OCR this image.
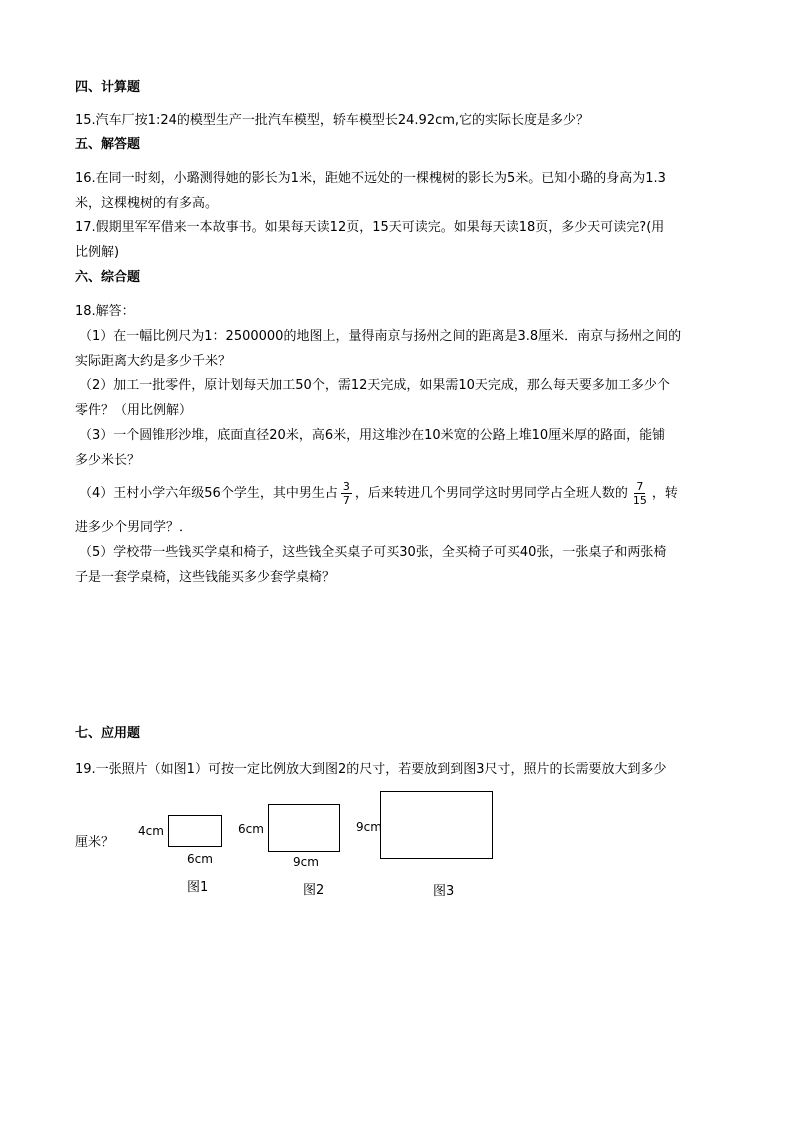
四、计算题
15.汽车厂按1:24的模型生产一批汽车模型，轿车模型长24.92cm,它的实际长度是多少？
五、解答题
16.在同一时刻，小璐测得她的影长为1米，距她不远处的一棵槐树的影长为5米。已知小璐的身高为1.3
米，这棵槐树的有多高。
17.假期里军军借来一本故事书。如果每天读12页，15天可读完。如果每天读18页，多少天可读完?(用
比例解)
六、综合题
18.解答：
（1）在一幅比例尺为1：2500000的地图上，量得南京与扬州之间的距离是3.8厘米．南京与扬州之间的
实际距离大约是多少千米？
（2）加工一批零件，原计划每天加工50个，需12天完成，如果需10天完成，那么每天要多加工多少个
零件？（用比例解）
（3）一个圆锥形沙堆，底面直径20米，高6米，用这堆沙在10米宽的公路上堆10厘米厚的路面，能铺
多少米长？
（4）王村小学六年级56个学生，其中男生占 $\frac{3}{7}$ ，后来转进几个男同学这时男同学占全班人数的 $\frac{7}{15}$ ，转
进多少个男同学？．
（5）学校带一些钱买学桌和椅子，这些钱全买桌子可买30张，全买椅子可买40张，一张桌子和两张椅
子是一套学桌椅，这些钱能买多少套学桌椅？
七、应用题
19.一张照片（如图1）可按一定比例放大到图2的尺寸，若要放到到图3尺寸，照片的长需要放大到多少
厘米？
4cm
6cm
图1
6cm
9cm
图2
9cm
图3
